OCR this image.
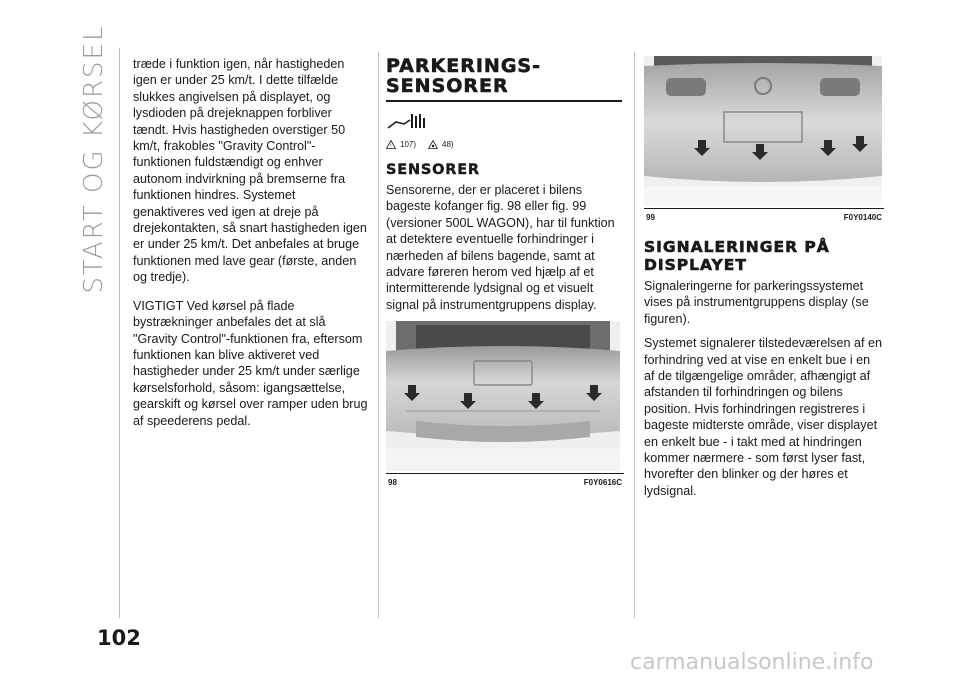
START OG KØRSEL træde i funktion igen, når hastigheden igen er under 25 km/t. I dette tilfælde slukkes angivelsen på displayet, og lysdioden på drejeknappen forbliver tændt. Hvis hastigheden overstiger 50 km/t, frakobles "Gravity Control"-funktionen fuldstændigt og enhver autonom indvirkning på bremserne fra funktionen hindres. Systemet genaktiveres ved igen at dreje på drejekontakten, så snart hastigheden igen er under 25 km/t. Det anbefales at bruge funktionen med lave gear (første, anden og tredje).

VIGTIGT Ved kørsel på flade bystrækninger anbefales det at slå "Gravity Control"-funktionen fra, eftersom funktionen kan blive aktiveret ved hastigheder under 25 km/t under særlige kørselsforhold, såsom: igangsættelse, gearskift og kørsel over ramper uden brug af speederens pedal.

PARKERINGS-SENSORER
! 107)	48)
SENSORER

Sensorerne, der er placeret i bilens bageste kofanger fig. 98 eller fig. 99 (versioner 500L WAGON), har til funktion at detektere eventuelle forhindringer i nærheden af bilens bagende, samt at advare føreren herom ved hjælp af et intermitterende lydsignal og et visuelt signal på instrumentgruppens display.

98	F0Y0616C
99	F0Y0140C
SIGNALERINGER PÅ DISPLAYET

Signaleringerne for parkeringssystemet vises på instrumentgruppens display (se figuren).

Systemet signalerer tilstedeværelsen af en forhindring ved at vise en enkelt bue i en af de tilgængelige områder, afhængigt af afstanden til forhindringen og bilens position. Hvis forhindringen registreres i bageste midterste område, viser displayet en enkelt bue - i takt med at hindringen kommer nærmere - som først lyser fast, hvorefter den blinker og der høres et lydsignal.

102
carmanualsonline.info
